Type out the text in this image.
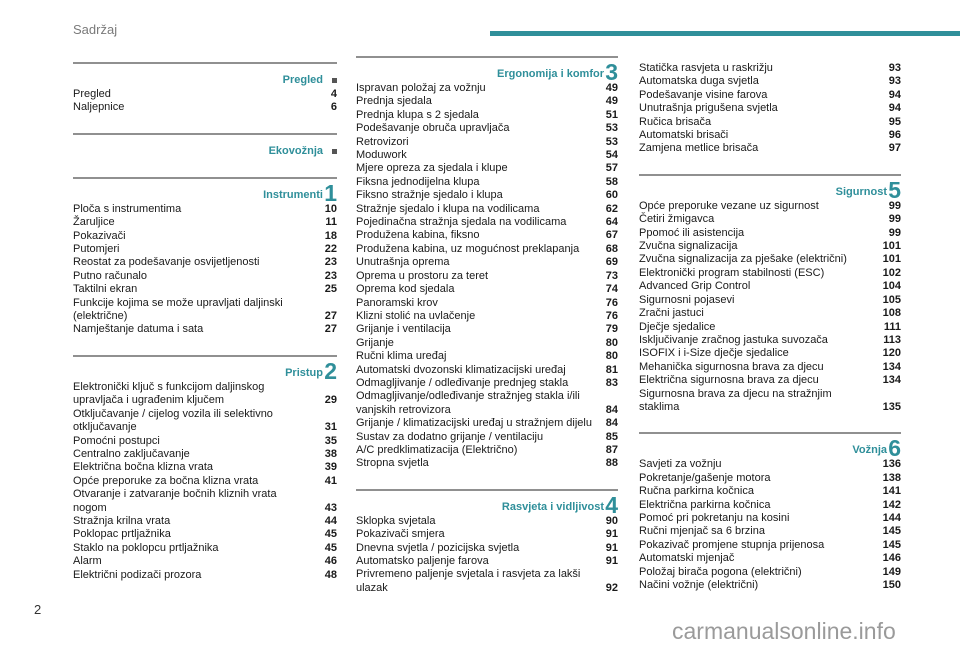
Sadržaj
Pregled
Pregled	4
Naljepnice	6
Ekovožnja
Instrumenti 1
Ploča s instrumentima	10
Žaruljice	11
Pokazivači	18
Putomjeri	22
Reostat za podešavanje osvijetljenosti	23
Putno računalo	23
Taktilni ekran	25
Funkcije kojima se može upravljati daljinski (električne)	27
Namještanje datuma i sata	27
Pristup 2
Elektronički ključ s funkcijom daljinskog upravljača i ugrađenim ključem	29
Otključavanje / cijelog vozila ili selektivno otključavanje	31
Pomoćni postupci	35
Centralno zaključavanje	38
Električna bočna klizna vrata	39
Opće preporuke za bočna klizna vrata	41
Otvaranje i zatvaranje bočnih kliznih vrata nogom	43
Stražnja krilna vrata	44
Poklopac prtljažnika	45
Staklo na poklopcu prtljažnika	45
Alarm	46
Električni podizači prozora	48
Ergonomija i komfor 3
Ispravan položaj za vožnju	49
Prednja sjedala	49
Prednja klupa s 2 sjedala	51
Podešavanje obruča upravljača	53
Retrovizori	53
Moduwork	54
Mjere opreza za sjedala i klupe	57
Fiksna jednodijelna klupa	58
Fiksno stražnje sjedalo i klupa	60
Stražnje sjedalo i klupa na vodilicama	62
Pojedinačna stražnja sjedala na vodilicama	64
Produžena kabina, fiksno	67
Produžena kabina, uz mogućnost preklapanja	68
Unutrašnja oprema	69
Oprema u prostoru za teret	73
Oprema kod sjedala	74
Panoramski krov	76
Klizni stolić na uvlačenje	76
Grijanje i ventilacija	79
Grijanje	80
Ručni klima uređaj	80
Automatski dvozonski klimatizacijski uređaj	81
Odmagljivanje / odleđivanje prednjeg stakla	83
Odmagljivanje/odleđivanje stražnjeg stakla i/ili vanjskih retrovizora	84
Grijanje / klimatizacijski uređaj u stražnjem dijelu	84
Sustav za dodatno grijanje / ventilaciju	85
A/C predklimatizacija (Električno)	87
Stropna svjetla	88
Rasvjeta i vidljivost 4
Sklopka svjetala	90
Pokazivači smjera	91
Dnevna svjetla / pozicijska svjetla	91
Automatsko paljenje farova	91
Privremeno paljenje svjetala i rasvjeta za lakši ulazak	92
Statička rasvjeta u raskrižju	93
Automatska duga svjetla	93
Podešavanje visine farova	94
Unutrašnja prigušena svjetla	94
Ručica brisača	95
Automatski brisači	96
Zamjena metlice brisača	97
Sigurnost 5
Opće preporuke vezane uz sigurnost	99
Četiri žmigavca	99
Ppomoć ili asistencija	99
Zvučna signalizacija	101
Zvučna signalizacija za pješake (električni)	101
Elektronički program stabilnosti (ESC)	102
Advanced Grip Control	104
Sigurnosni pojasevi	105
Zračni jastuci	108
Dječje sjedalice	111
Isključivanje zračnog jastuka suvozača	113
ISOFIX i i-Size dječje sjedalice	120
Mehanička sigurnosna brava za djecu	134
Električna sigurnosna brava za djecu	134
Sigurnosna brava za djecu na stražnjim staklima	135
Vožnja 6
Savjeti za vožnju	136
Pokretanje/gašenje motora	138
Ručna parkirna kočnica	141
Električna parkirna kočnica	142
Pomoć pri pokretanju na kosini	144
Ručni mjenjač sa 6 brzina	145
Pokazivač promjene stupnja prijenosa	145
Automatski mjenjač	146
Položaj birača pogona (električni)	149
Načini vožnje (električni)	150
2
carmanualsonline.info
